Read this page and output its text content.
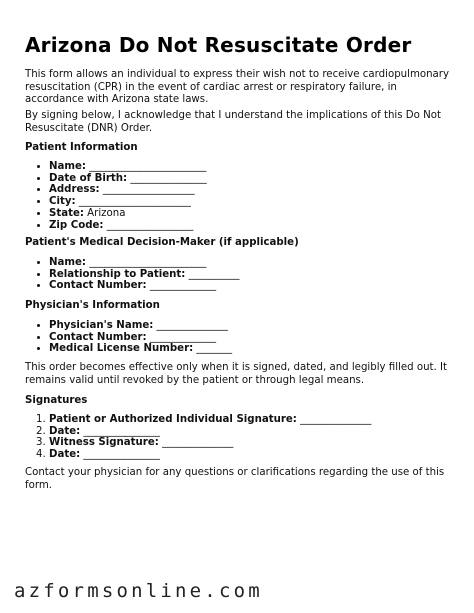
Arizona Do Not Resuscitate Order

This form allows an individual to express their wish not to receive cardiopulmonary resuscitation (CPR) in the event of cardiac arrest or respiratory failure, in accordance with Arizona state laws.

By signing below, I acknowledge that I understand the implications of this Do Not Resuscitate (DNR) Order.

Patient Information

• Name: _______________________
• Date of Birth: _______________
• Address: __________________
• City: ______________________
• State: Arizona
• Zip Code: _________________

Patient's Medical Decision-Maker (if applicable)

• Name: _______________________
• Relationship to Patient: __________
• Contact Number: _____________

Physician's Information

• Physician's Name: ______________
• Contact Number: _____________
• Medical License Number: _______

This order becomes effective only when it is signed, dated, and legibly filled out. It remains valid until revoked by the patient or through legal means.

Signatures

1. Patient or Authorized Individual Signature: ______________
2. Date: _______________
3. Witness Signature: ______________
4. Date: _______________

Contact your physician for any questions or clarifications regarding the use of this form.

azformsonline.com
